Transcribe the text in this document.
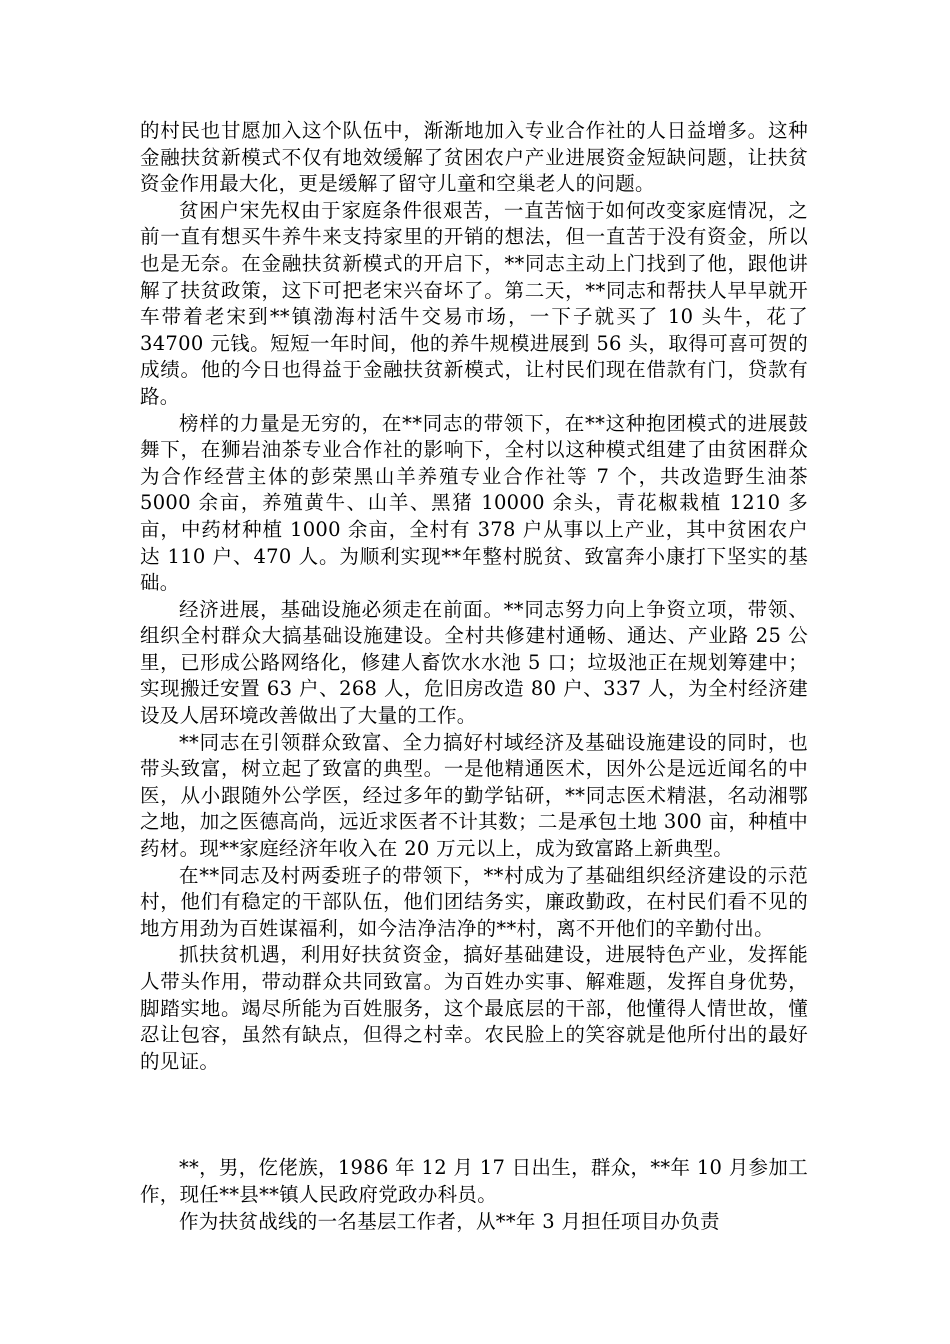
的村民也甘愿加入这个队伍中，渐渐地加入专业合作社的人日益增多。这种金融扶贫新模式不仅有地效缓解了贫困农户产业进展资金短缺问题，让扶贫资金作用最大化，更是缓解了留守儿童和空巢老人的问题。

贫困户宋先权由于家庭条件很艰苦，一直苦恼于如何改变家庭情况，之前一直有想买牛养牛来支持家里的开销的想法，但一直苦于没有资金，所以也是无奈。在金融扶贫新模式的开启下，**同志主动上门找到了他，跟他讲解了扶贫政策，这下可把老宋兴奋坏了。第二天，**同志和帮扶人早早就开车带着老宋到**镇渤海村活牛交易市场，一下子就买了 10 头牛，花了 34700 元钱。短短一年时间，他的养牛规模进展到 56 头，取得可喜可贺的成绩。他的今日也得益于金融扶贫新模式，让村民们现在借款有门，贷款有路。

榜样的力量是无穷的，在**同志的带领下，在**这种抱团模式的进展鼓舞下，在狮岩油茶专业合作社的影响下，全村以这种模式组建了由贫困群众为合作经营主体的彭荣黑山羊养殖专业合作社等 7 个，共改造野生油茶 5000 余亩，养殖黄牛、山羊、黑猪 10000 余头，青花椒栽植 1210 多亩，中药材种植 1000 余亩，全村有 378 户从事以上产业，其中贫困农户达 110 户、470 人。为顺利实现**年整村脱贫、致富奔小康打下坚实的基础。

经济进展，基础设施必须走在前面。**同志努力向上争资立项，带领、组织全村群众大搞基础设施建设。全村共修建村通畅、通达、产业路 25 公里，已形成公路网络化，修建人畜饮水水池 5 口；垃圾池正在规划筹建中；实现搬迁安置 63 户、268 人，危旧房改造 80 户、337 人，为全村经济建设及人居环境改善做出了大量的工作。

**同志在引领群众致富、全力搞好村域经济及基础设施建设的同时，也带头致富，树立起了致富的典型。一是他精通医术，因外公是远近闻名的中医，从小跟随外公学医，经过多年的勤学钻研，**同志医术精湛，名动湘鄂之地，加之医德高尚，远近求医者不计其数；二是承包土地 300 亩，种植中药材。现**家庭经济年收入在 20 万元以上，成为致富路上新典型。

在**同志及村两委班子的带领下，**村成为了基础组织经济建设的示范村，他们有稳定的干部队伍，他们团结务实，廉政勤政，在村民们看不见的地方用劲为百姓谋福利，如今洁净洁净的**村，离不开他们的辛勤付出。

抓扶贫机遇，利用好扶贫资金，搞好基础建设，进展特色产业，发挥能人带头作用，带动群众共同致富。为百姓办实事、解难题，发挥自身优势，脚踏实地。竭尽所能为百姓服务，这个最底层的干部，他懂得人情世故，懂忍让包容，虽然有缺点，但得之村幸。农民脸上的笑容就是他所付出的最好的见证。

**，男，仡佬族，1986 年 12 月 17 日出生，群众，**年 10 月参加工作，现任**县**镇人民政府党政办科员。

作为扶贫战线的一名基层工作者，从**年 3 月担任项目办负责
